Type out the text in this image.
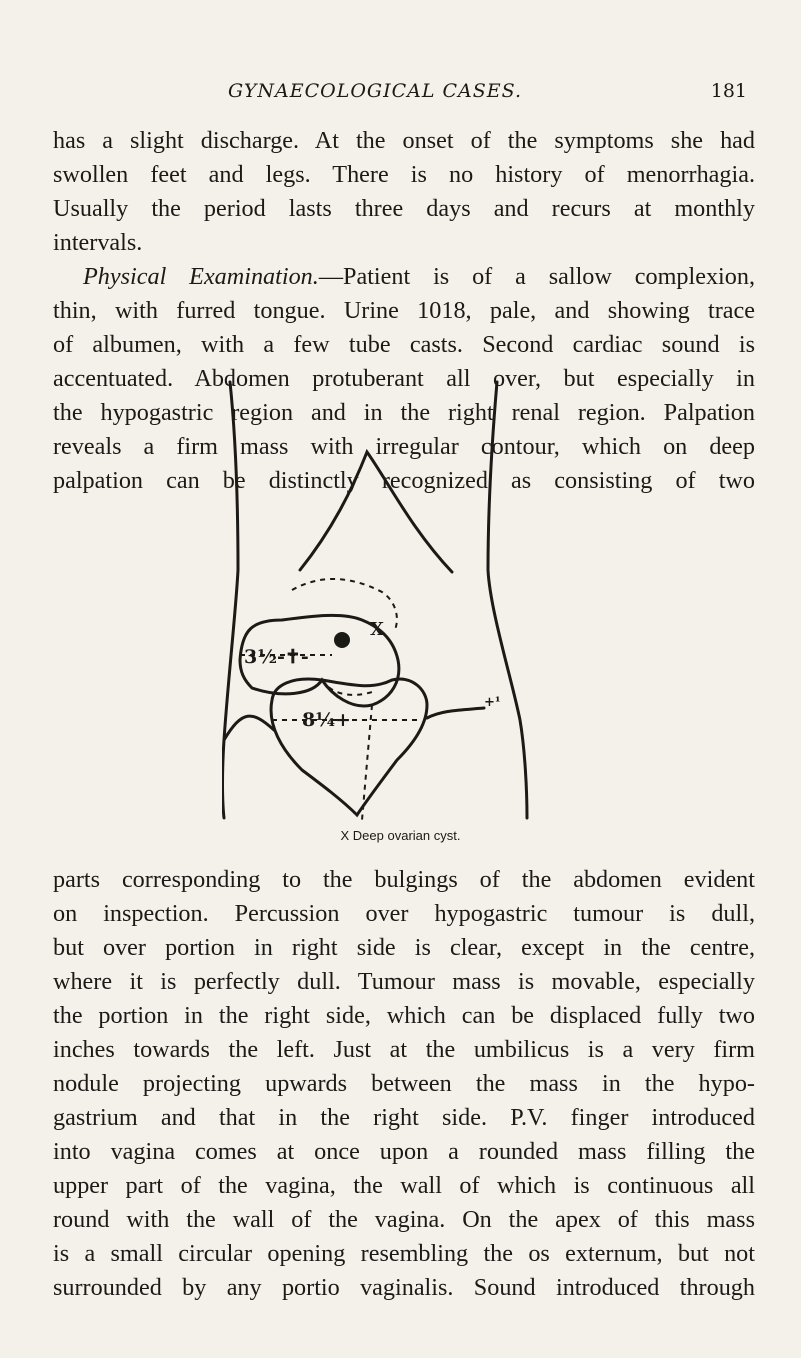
GYNAECOLOGICAL CASES.	181
has a slight discharge. At the onset of the symptoms she had
swollen feet and legs. There is no history of menorrhagia.
Usually the period lasts three days and recurs at monthly
intervals.
Physical Examination.—Patient is of a sallow complexion,
thin, with furred tongue. Urine 1018, pale, and showing trace
of albumen, with a few tube casts. Second cardiac sound is
accentuated. Abdomen protuberant all over, but especially in
the hypogastric region and in the right renal region. Palpation
reveals a firm mass with irregular contour, which on deep
palpation can be distinctly recognized as consisting of two
3½-✝-
8¼+
X
+¹
X Deep ovarian cyst.
parts corresponding to the bulgings of the abdomen evident
on inspection. Percussion over hypogastric tumour is dull,
but over portion in right side is clear, except in the centre,
where it is perfectly dull. Tumour mass is movable, especially
the portion in the right side, which can be displaced fully two
inches towards the left. Just at the umbilicus is a very firm
nodule projecting upwards between the mass in the hypo-
gastrium and that in the right side. P.V. finger introduced
into vagina comes at once upon a rounded mass filling the
upper part of the vagina, the wall of which is continuous all
round with the wall of the vagina. On the apex of this mass
is a small circular opening resembling the os externum, but not
surrounded by any portio vaginalis. Sound introduced through
